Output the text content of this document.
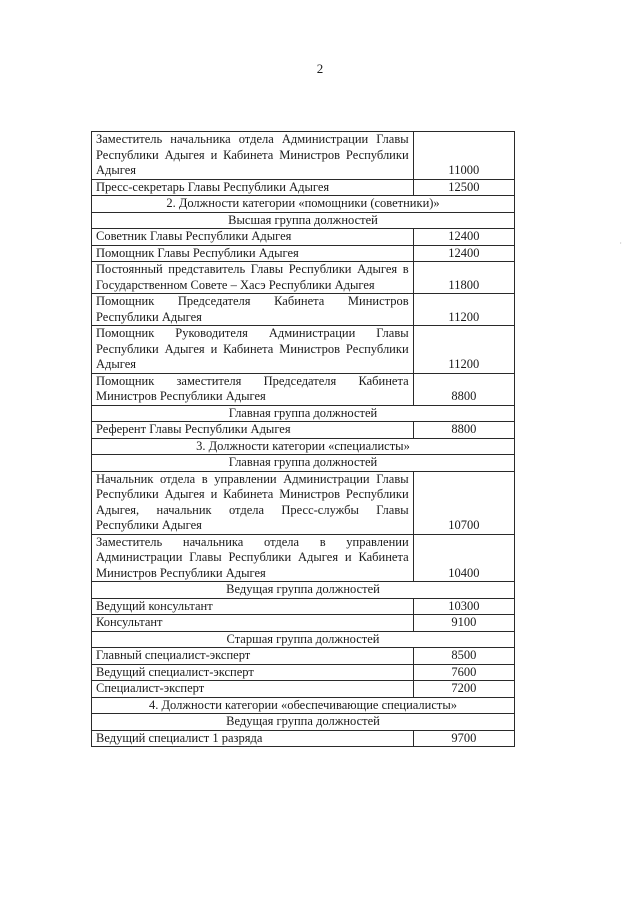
2
Заместитель начальника отдела Администрации Главы Республики Адыгея и Кабинета Министров Республики Адыгея	11000
Пресс-секретарь Главы Республики Адыгея	12500
2. Должности категории «помощники (советники)»	
Высшая группа должностей	
Советник Главы Республики Адыгея	12400
Помощник Главы Республики Адыгея	12400
Постоянный представитель Главы Республики Адыгея в Государственном Совете – Хасэ Республики Адыгея	11800
Помощник Председателя Кабинета Министров Республики Адыгея	11200
Помощник Руководителя Администрации Главы Республики Адыгея и Кабинета Министров Республики Адыгея	11200
Помощник заместителя Председателя Кабинета Министров Республики Адыгея	8800
Главная группа должностей	
Референт Главы Республики Адыгея	8800
3. Должности категории «специалисты»	
Главная группа должностей	
Начальник отдела в управлении Администрации Главы Республики Адыгея и Кабинета Министров Республики Адыгея, начальник отдела Пресс-службы Главы Республики Адыгея	10700
Заместитель начальника отдела в управлении Администрации Главы Республики Адыгея и Кабинета Министров Республики Адыгея	10400
Ведущая группа должностей	
Ведущий консультант	10300
Консультант	9100
Старшая группа должностей	
Главный специалист-эксперт	8500
Ведущий специалист-эксперт	7600
Специалист-эксперт	7200
4. Должности категории «обеспечивающие специалисты»	
Ведущая группа должностей	
Ведущий специалист 1 разряда	9700
·
